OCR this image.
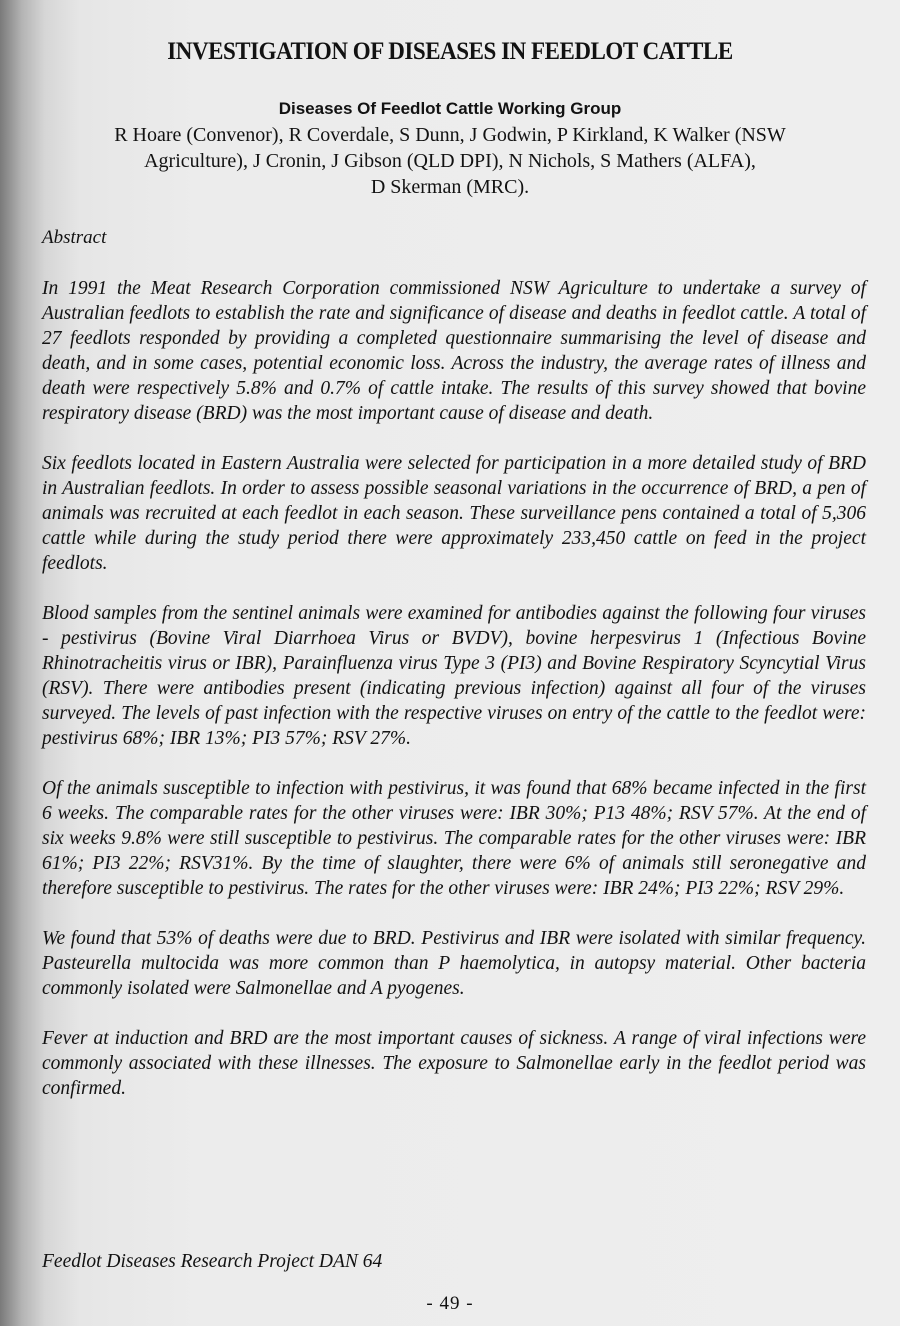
INVESTIGATION OF DISEASES IN FEEDLOT CATTLE
Diseases Of Feedlot Cattle Working Group
R Hoare (Convenor), R Coverdale, S Dunn, J Godwin, P Kirkland, K Walker (NSW
Agriculture), J Cronin, J Gibson (QLD DPI), N Nichols, S Mathers (ALFA),
D Skerman (MRC).
Abstract

In 1991 the Meat Research Corporation commissioned NSW Agriculture to undertake a survey of Australian feedlots to establish the rate and significance of disease and deaths in feedlot cattle. A total of 27 feedlots responded by providing a completed questionnaire summarising the level of disease and death, and in some cases, potential economic loss. Across the industry, the average rates of illness and death were respectively 5.8% and 0.7% of cattle intake. The results of this survey showed that bovine respiratory disease (BRD) was the most important cause of disease and death.

Six feedlots located in Eastern Australia were selected for participation in a more detailed study of BRD in Australian feedlots. In order to assess possible seasonal variations in the occurrence of BRD, a pen of animals was recruited at each feedlot in each season. These surveillance pens contained a total of 5,306 cattle while during the study period there were approximately 233,450 cattle on feed in the project feedlots.

Blood samples from the sentinel animals were examined for antibodies against the following four viruses - pestivirus (Bovine Viral Diarrhoea Virus or BVDV), bovine herpesvirus 1 (Infectious Bovine Rhinotracheitis virus or IBR), Parainfluenza virus Type 3 (PI3) and Bovine Respiratory Scyncytial Virus (RSV). There were antibodies present (indicating previous infection) against all four of the viruses surveyed. The levels of past infection with the respective viruses on entry of the cattle to the feedlot were: pestivirus 68%; IBR 13%; PI3 57%; RSV 27%.

Of the animals susceptible to infection with pestivirus, it was found that 68% became infected in the first 6 weeks. The comparable rates for the other viruses were: IBR 30%; P13 48%; RSV 57%. At the end of six weeks 9.8% were still susceptible to pestivirus. The comparable rates for the other viruses were: IBR 61%; PI3 22%; RSV31%. By the time of slaughter, there were 6% of animals still seronegative and therefore susceptible to pestivirus. The rates for the other viruses were: IBR 24%; PI3 22%; RSV 29%.

We found that 53% of deaths were due to BRD. Pestivirus and IBR were isolated with similar frequency. Pasteurella multocida was more common than P haemolytica, in autopsy material. Other bacteria commonly isolated were Salmonellae and A pyogenes.

Fever at induction and BRD are the most important causes of sickness. A range of viral infections were commonly associated with these illnesses. The exposure to Salmonellae early in the feedlot period was confirmed.

Feedlot Diseases Research Project DAN 64
- 49 -
